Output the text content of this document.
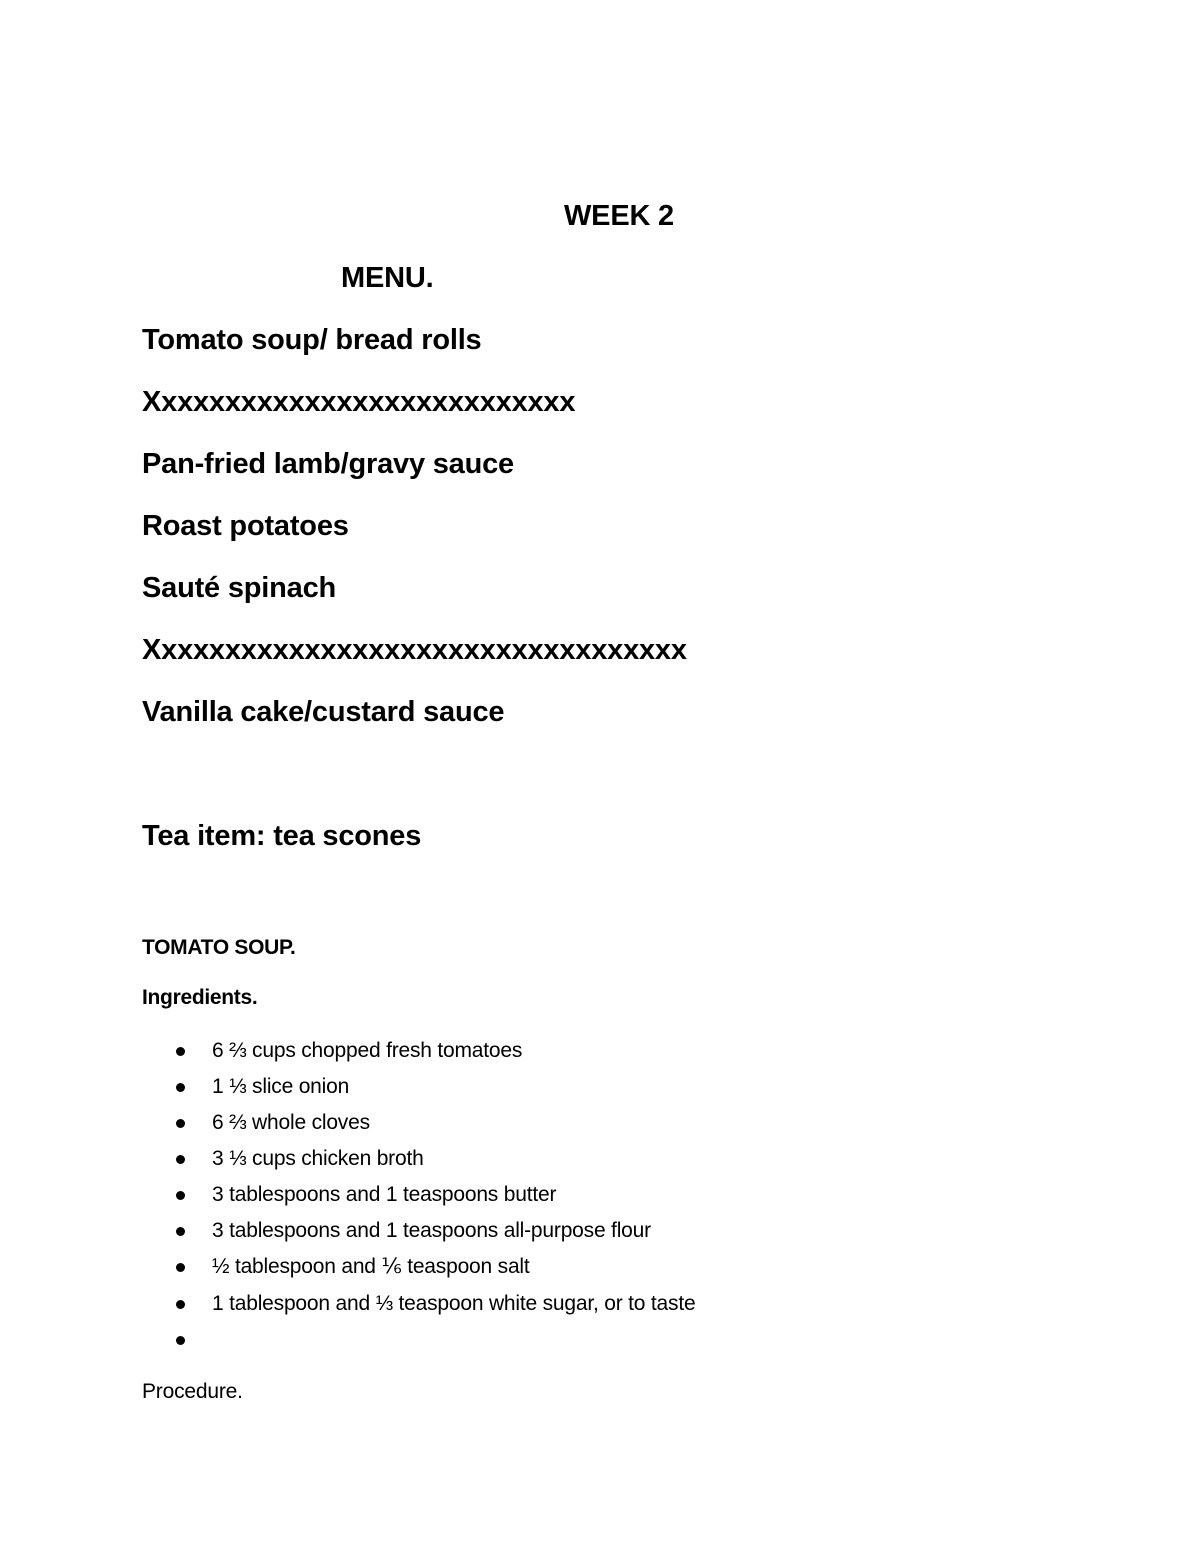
WEEK 2
MENU.
Tomato soup/ bread rolls
Xxxxxxxxxxxxxxxxxxxxxxxxxxx
Pan-fried lamb/gravy sauce
Roast potatoes
Sauté spinach
Xxxxxxxxxxxxxxxxxxxxxxxxxxxxxxxxxx
Vanilla cake/custard sauce
Tea item: tea scones
TOMATO SOUP.
Ingredients.
6 ⅔ cups chopped fresh tomatoes
1 ⅓ slice onion
6 ⅔ whole cloves
3 ⅓ cups chicken broth
3 tablespoons and 1 teaspoons butter
3 tablespoons and 1 teaspoons all-purpose flour
½ tablespoon and ⅙ teaspoon salt
1 tablespoon and ⅓ teaspoon white sugar, or to taste
Procedure.
